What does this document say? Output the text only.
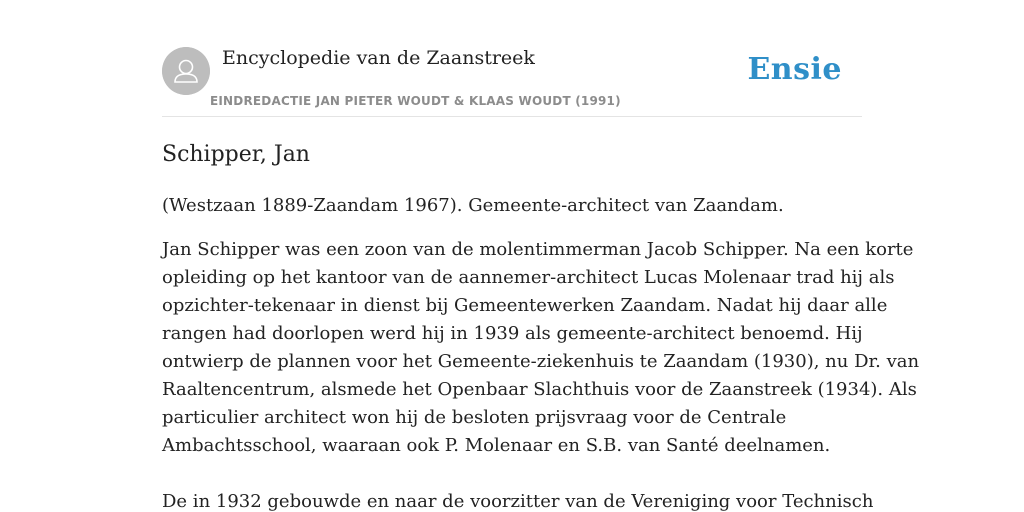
Encyclopedie van de Zaanstreek
EINDREDACTIE JAN PIETER WOUDT & KLAAS WOUDT (1991)
Ensie
Schipper, Jan

(Westzaan 1889-Zaandam 1967). Gemeente-architect van Zaandam.

Jan Schipper was een zoon van de molentimmerman Jacob Schipper. Na een korte
opleiding op het kantoor van de aannemer-architect Lucas Molenaar trad hij als
opzichter-tekenaar in dienst bij Gemeentewerken Zaandam. Nadat hij daar alle
rangen had doorlopen werd hij in 1939 als gemeente-architect benoemd. Hij
ontwierp de plannen voor het Gemeente-ziekenhuis te Zaandam (1930), nu Dr. van
Raaltencentrum, alsmede het Openbaar Slachthuis voor de Zaanstreek (1934). Als
particulier architect won hij de besloten prijsvraag voor de Centrale
Ambachtsschool, waaraan ook P. Molenaar en S.B. van Santé deelnamen.

De in 1932 gebouwde en naar de voorzitter van de Vereniging voor Technisch
